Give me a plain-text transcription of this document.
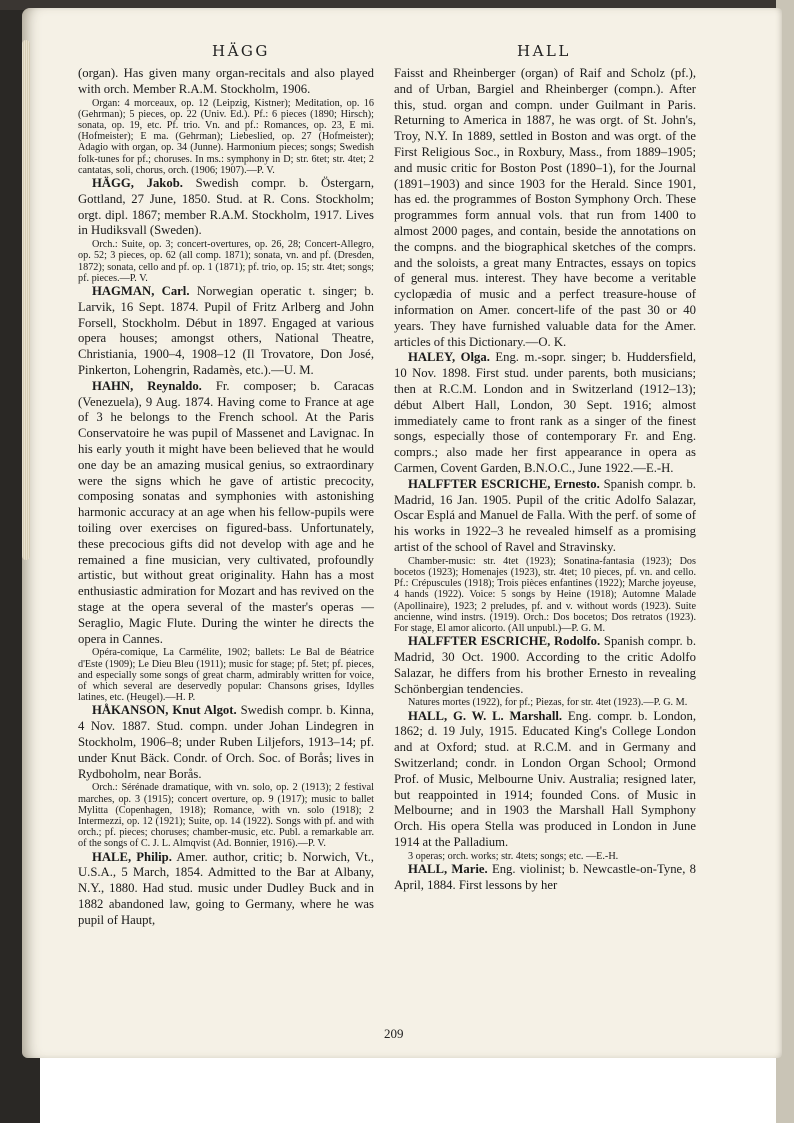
HÄGG	HALL

(organ). Has given many organ-recitals and also played with orch. Member R.A.M. Stockholm, 1906.

Organ: 4 morceaux, op. 12 (Leipzig, Kistner); Meditation, op. 16 (Gehrman); 5 pieces, op. 22 (Univ. Ed.). Pf.: 6 pieces (1890; Hirsch); sonata, op. 19, etc. Pf. trio. Vn. and pf.: Romances, op. 23, E mi. (Hofmeister); E ma. (Gehrman); Liebeslied, op. 27 (Hofmeister); Adagio with organ, op. 34 (Junne). Harmonium pieces; songs; Swedish folk-tunes for pf.; choruses. In ms.: symphony in D; str. 6tet; str. 4tet; 2 cantatas, soli, chorus, orch. (1906; 1907).—P. V.

HÄGG, Jakob. Swedish compr. b. Östergarn, Gottland, 27 June, 1850. Stud. at R. Cons. Stockholm; orgt. dipl. 1867; member R.A.M. Stockholm, 1917. Lives in Hudiksvall (Sweden).

Orch.: Suite, op. 3; concert-overtures, op. 26, 28; Concert-Allegro, op. 52; 3 pieces, op. 62 (all comp. 1871); sonata, vn. and pf. (Dresden, 1872); sonata, cello and pf. op. 1 (1871); pf. trio, op. 15; str. 4tet; songs; pf. pieces.—P. V.

HAGMAN, Carl. Norwegian operatic t. singer; b. Larvik, 16 Sept. 1874. Pupil of Fritz Arlberg and John Forsell, Stockholm. Début in 1897. Engaged at various opera houses; amongst others, National Theatre, Christiania, 1900–4, 1908–12 (Il Trovatore, Don José, Pinkerton, Lohengrin, Radamès, etc.).—U. M.

HAHN, Reynaldo. Fr. composer; b. Caracas (Venezuela), 9 Aug. 1874. Having come to France at age of 3 he belongs to the French school. At the Paris Conservatoire he was pupil of Massenet and Lavignac. In his early youth it might have been believed that he would one day be an amazing musical genius, so extraordinary were the signs which he gave of artistic precocity, composing sonatas and symphonies with astonishing harmonic accuracy at an age when his fellow-pupils were toiling over exercises on figured-bass. Unfortunately, these precocious gifts did not develop with age and he remained a fine musician, very cultivated, profoundly artistic, but without great originality. Hahn has a most enthusiastic admiration for Mozart and has revived on the stage at the opera several of the master's operas —Seraglio, Magic Flute. During the winter he directs the opera in Cannes.

Opéra-comique, La Carmélite, 1902; ballets: Le Bal de Béatrice d'Este (1909); Le Dieu Bleu (1911); music for stage; pf. 5tet; pf. pieces, and especially some songs of great charm, admirably written for voice, of which several are deservedly popular: Chansons grises, Idylles latines, etc. (Heugel).—H. P.

HÅKANSON, Knut Algot. Swedish compr. b. Kinna, 4 Nov. 1887. Stud. compn. under Johan Lindegren in Stockholm, 1906–8; under Ruben Liljefors, 1913–14; pf. under Knut Bäck. Condr. of Orch. Soc. of Borås; lives in Rydboholm, near Borås.

Orch.: Sérénade dramatique, with vn. solo, op. 2 (1913); 2 festival marches, op. 3 (1915); concert overture, op. 9 (1917); music to ballet Mylitta (Copenhagen, 1918); Romance, with vn. solo (1918); 2 Intermezzi, op. 12 (1921); Suite, op. 14 (1922). Songs with pf. and with orch.; pf. pieces; choruses; chamber-music, etc. Publ. a remarkable arr. of the songs of C. J. L. Almqvist (Ad. Bonnier, 1916).—P. V.

HALE, Philip. Amer. author, critic; b. Norwich, Vt., U.S.A., 5 March, 1854. Admitted to the Bar at Albany, N.Y., 1880. Had stud. music under Dudley Buck and in 1882 abandoned law, going to Germany, where he was pupil of Haupt,

Faisst and Rheinberger (organ) of Raif and Scholz (pf.), and of Urban, Bargiel and Rheinberger (compn.). After this, stud. organ and compn. under Guilmant in Paris. Returning to America in 1887, he was orgt. of St. John's, Troy, N.Y. In 1889, settled in Boston and was orgt. of the First Religious Soc., in Roxbury, Mass., from 1889–1905; and music critic for Boston Post (1890–1), for the Journal (1891–1903) and since 1903 for the Herald. Since 1901, has ed. the programmes of Boston Symphony Orch. These programmes form annual vols. that run from 1400 to almost 2000 pages, and contain, beside the annotations on the compns. and the biographical sketches of the comprs. and the soloists, a great many Entractes, essays on topics of general mus. interest. They have become a veritable cyclopædia of music and a perfect treasure-house of information on Amer. concert-life of the past 30 or 40 years. They have furnished valuable data for the Amer. articles of this Dictionary.—O. K.

HALEY, Olga. Eng. m.-sopr. singer; b. Huddersfield, 10 Nov. 1898. First stud. under parents, both musicians; then at R.C.M. London and in Switzerland (1912–13); début Albert Hall, London, 30 Sept. 1916; almost immediately came to front rank as a singer of the finest songs, especially those of contemporary Fr. and Eng. comprs.; also made her first appearance in opera as Carmen, Covent Garden, B.N.O.C., June 1922.—E.-H.

HALFFTER ESCRICHE, Ernesto. Spanish compr. b. Madrid, 16 Jan. 1905. Pupil of the critic Adolfo Salazar, Oscar Esplá and Manuel de Falla. With the perf. of some of his works in 1922–3 he revealed himself as a promising artist of the school of Ravel and Stravinsky.

Chamber-music: str. 4tet (1923); Sonatina-fantasia (1923); Dos bocetos (1923); Homenajes (1923), str. 4tet; 10 pieces, pf. vn. and cello. Pf.: Crépuscules (1918); Trois pièces enfantines (1922); Marche joyeuse, 4 hands (1922). Voice: 5 songs by Heine (1918); Automne Malade (Apollinaire), 1923; 2 preludes, pf. and v. without words (1923). Suite ancienne, wind instrs. (1919). Orch.: Dos bocetos; Dos retratos (1923). For stage, El amor alicorto. (All unpubl.)—P. G. M.

HALFFTER ESCRICHE, Rodolfo. Spanish compr. b. Madrid, 30 Oct. 1900. According to the critic Adolfo Salazar, he differs from his brother Ernesto in revealing Schönbergian tendencies.

Natures mortes (1922), for pf.; Piezas, for str. 4tet (1923).—P. G. M.

HALL, G. W. L. Marshall. Eng. compr. b. London, 1862; d. 19 July, 1915. Educated King's College London and at Oxford; stud. at R.C.M. and in Germany and Switzerland; condr. in London Organ School; Ormond Prof. of Music, Melbourne Univ. Australia; resigned later, but reappointed in 1914; founded Cons. of Music in Melbourne; and in 1903 the Marshall Hall Symphony Orch. His opera Stella was produced in London in June 1914 at the Palladium.

3 operas; orch. works; str. 4tets; songs; etc. —E.-H.

HALL, Marie. Eng. violinist; b. Newcastle-on-Tyne, 8 April, 1884. First lessons by her

209
